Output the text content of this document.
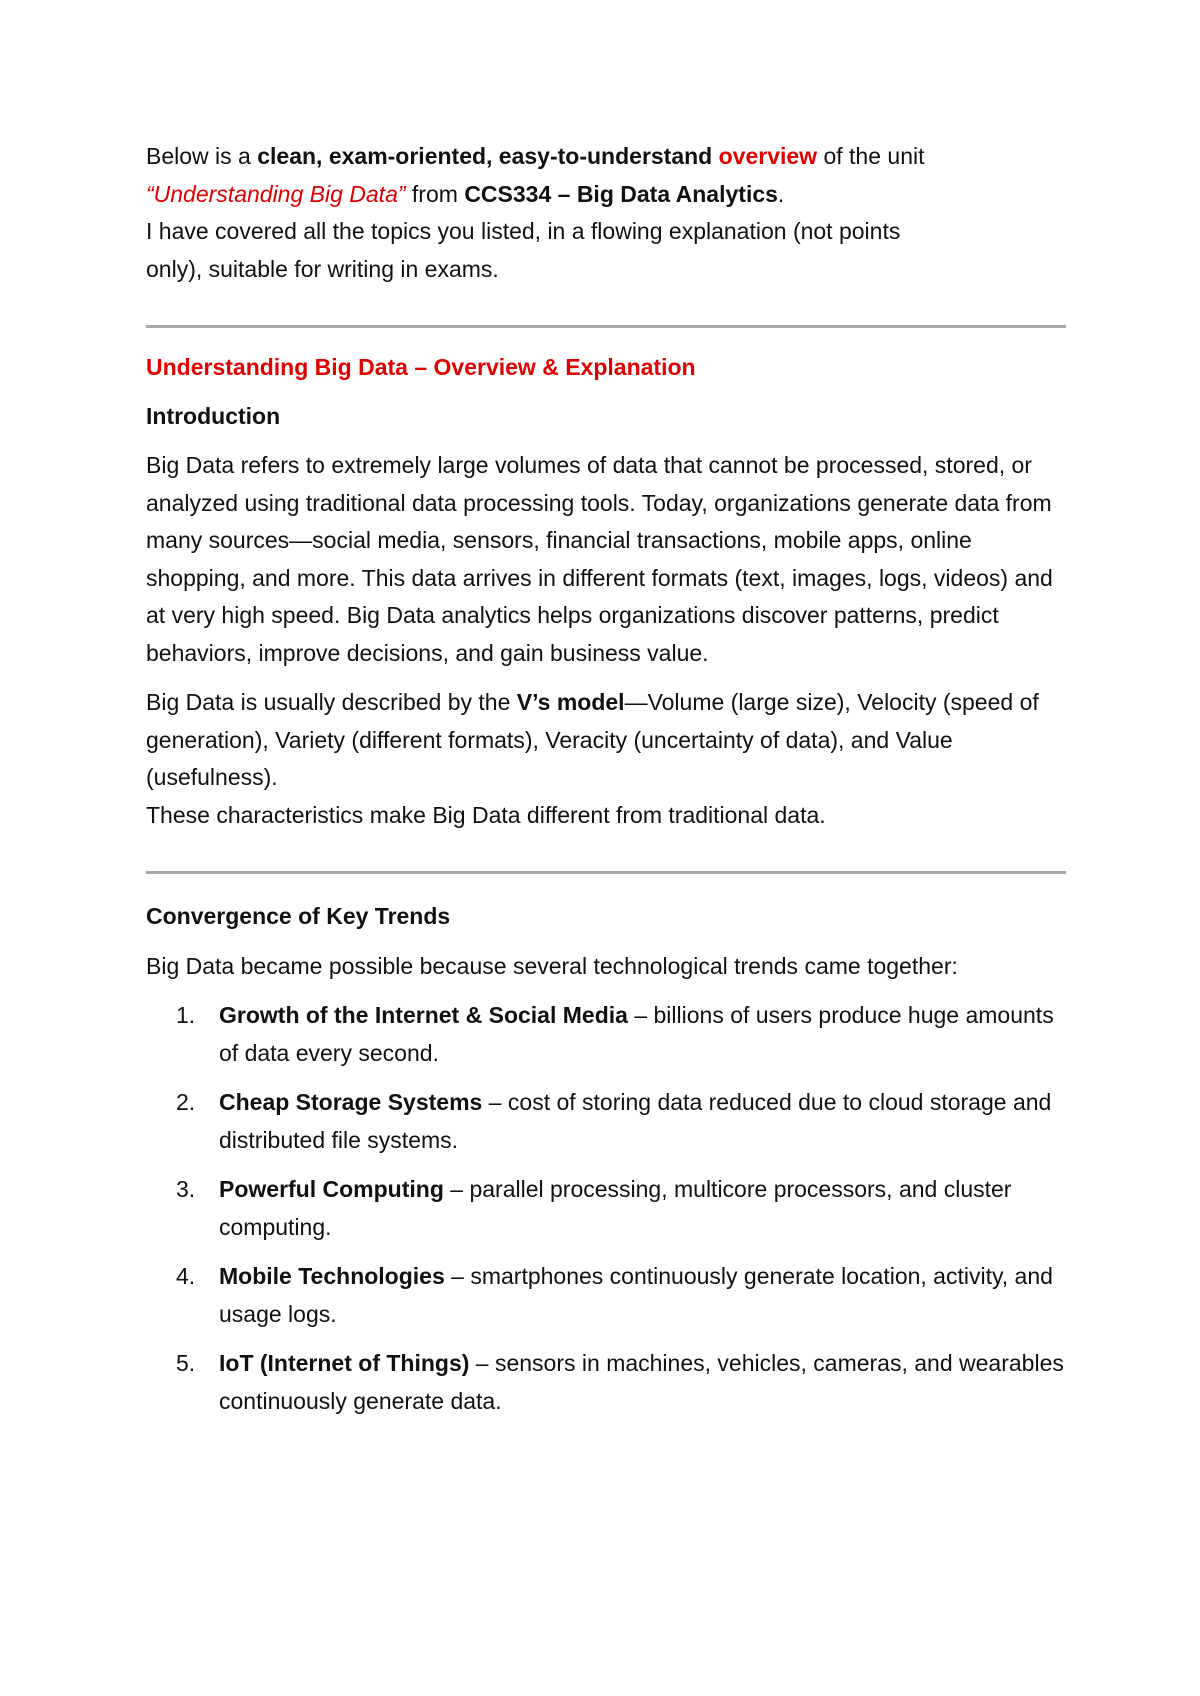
Below is a clean, exam-oriented, easy-to-understand overview of the unit
“Understanding Big Data” from CCS334 – Big Data Analytics.
I have covered all the topics you listed, in a flowing explanation (not points
only), suitable for writing in exams.

Understanding Big Data – Overview & Explanation

Introduction

Big Data refers to extremely large volumes of data that cannot be processed, stored, or analyzed using traditional data processing tools. Today, organizations generate data from many sources—social media, sensors, financial transactions, mobile apps, online shopping, and more. This data arrives in different formats (text, images, logs, videos) and at very high speed. Big Data analytics helps organizations discover patterns, predict behaviors, improve decisions, and gain business value.

Big Data is usually described by the V’s model—Volume (large size), Velocity (speed of generation), Variety (different formats), Veracity (uncertainty of data), and Value (usefulness).
These characteristics make Big Data different from traditional data.

Convergence of Key Trends

Big Data became possible because several technological trends came together:

1. Growth of the Internet & Social Media – billions of users produce huge amounts of data every second.
2. Cheap Storage Systems – cost of storing data reduced due to cloud storage and distributed file systems.
3. Powerful Computing – parallel processing, multicore processors, and cluster computing.
4. Mobile Technologies – smartphones continuously generate location, activity, and usage logs.
5. IoT (Internet of Things) – sensors in machines, vehicles, cameras, and wearables continuously generate data.
